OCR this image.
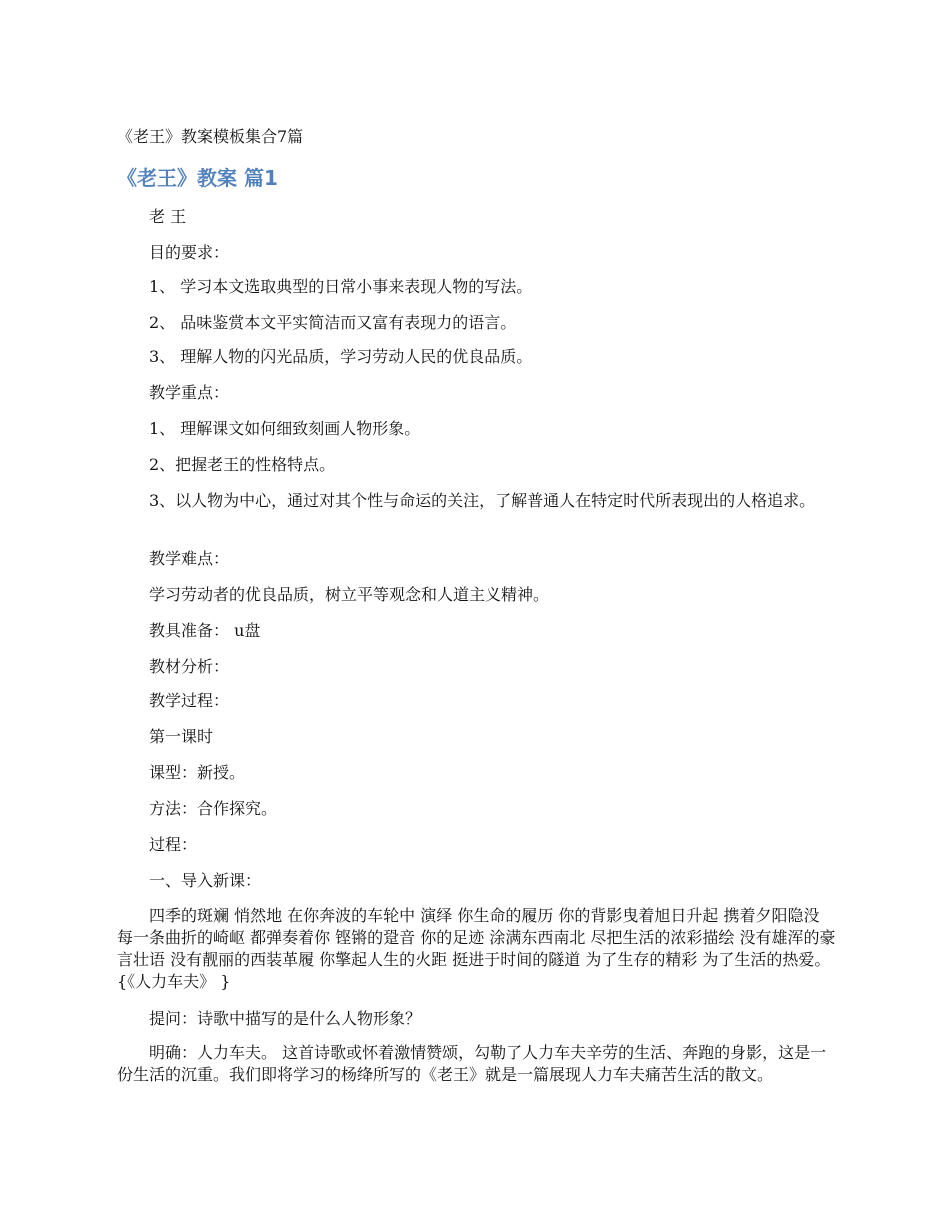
《老王》教案模板集合7篇
《老王》教案 篇1

老 王

目的要求：

1、 学习本文选取典型的日常小事来表现人物的写法。

2、 品味鉴赏本文平实简洁而又富有表现力的语言。

3、 理解人物的闪光品质，学习劳动人民的优良品质。

教学重点：

1、 理解课文如何细致刻画人物形象。

2、把握老王的性格特点。

3、以人物为中心，通过对其个性与命运的关注，了解普通人在特定时代所表现出的人格追求。

教学难点：

学习劳动者的优良品质，树立平等观念和人道主义精神。

教具准备： u盘

教材分析：

教学过程：

第一课时

课型：新授。

方法：合作探究。

过程：

一、导入新课：

四季的斑斓 悄然地 在你奔波的车轮中 演绎 你生命的履历 你的背影曳着旭日升起 携着夕阳隐没 每一条曲折的崎岖 都弹奏着你 铿锵的跫音 你的足迹 涂满东西南北 尽把生活的浓彩描绘 没有雄浑的豪言壮语 没有靓丽的西装革履 你擎起人生的火距 挺进于时间的隧道 为了生存的精彩 为了生活的热爱。{《人力车夫》 }

提问：诗歌中描写的是什么人物形象？

明确：人力车夫。 这首诗歌或怀着激情赞颂，勾勒了人力车夫辛劳的生活、奔跑的身影，这是一份生活的沉重。我们即将学习的杨绛所写的《老王》就是一篇展现人力车夫痛苦生活的散文。
